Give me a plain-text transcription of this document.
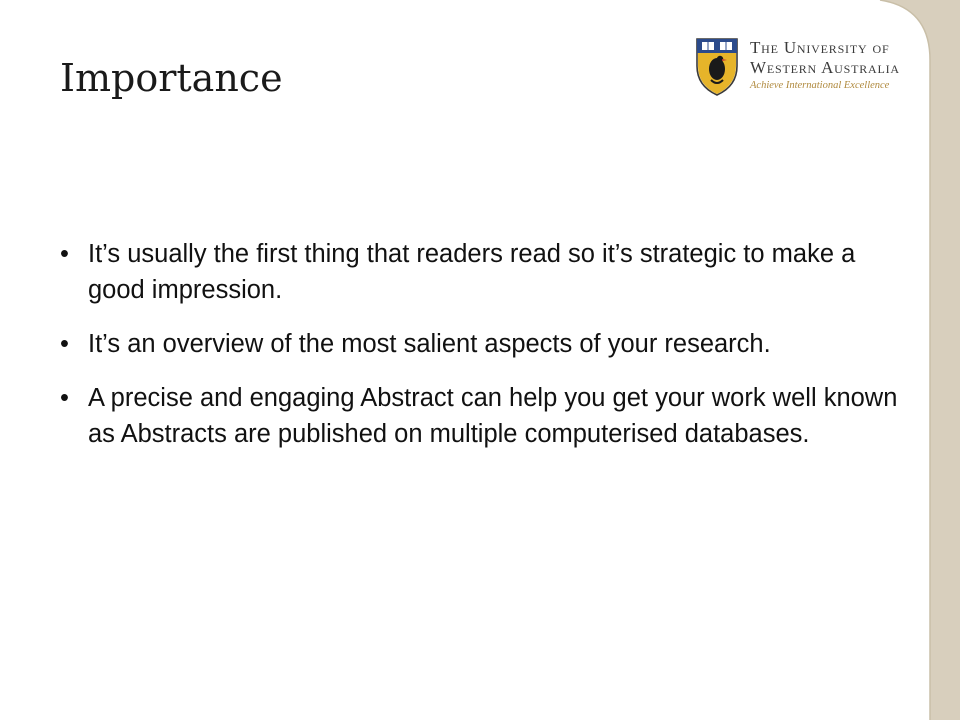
Importance

The University of
Western Australia

Achieve International Excellence

• It’s usually the first thing that readers read so it’s strategic to make a good impression.
• It’s an overview of the most salient aspects of your research.
• A precise and engaging Abstract can help you get your work well known as Abstracts are published on multiple computerised databases.
